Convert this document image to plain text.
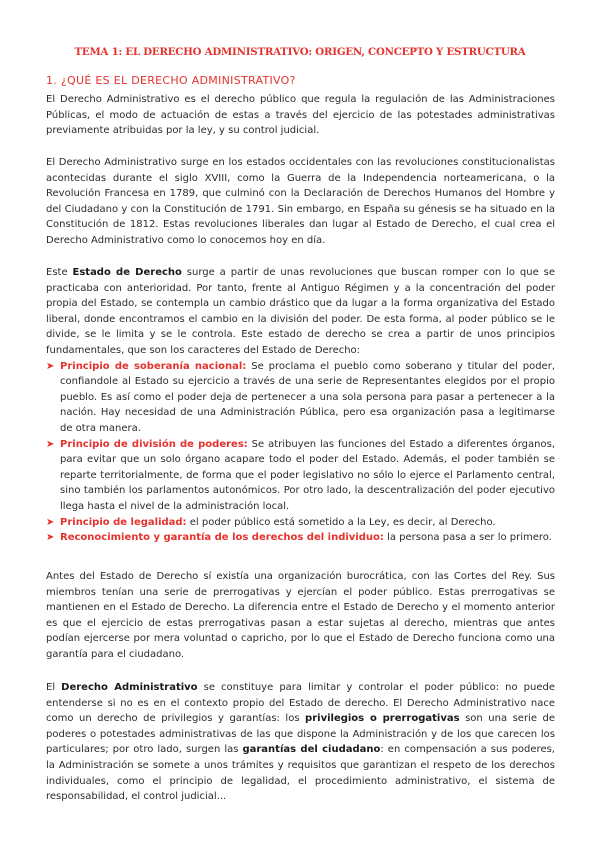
TEMA 1: EL DERECHO ADMINISTRATIVO: ORIGEN, CONCEPTO Y ESTRUCTURA
1. ¿QUÉ ES EL DERECHO ADMINISTRATIVO?

El Derecho Administrativo es el derecho público que regula la regulación de las Administraciones Públicas, el modo de actuación de estas a través del ejercicio de las potestades administrativas previamente atribuidas por la ley, y su control judicial.

El Derecho Administrativo surge en los estados occidentales con las revoluciones constitucionalistas acontecidas durante el siglo XVIII, como la Guerra de la Independencia norteamericana, o la Revolución Francesa en 1789, que culminó con la Declaración de Derechos Humanos del Hombre y del Ciudadano y con la Constitución de 1791. Sin embargo, en España su génesis se ha situado en la Constitución de 1812. Estas revoluciones liberales dan lugar al Estado de Derecho, el cual crea el Derecho Administrativo como lo conocemos hoy en día.

Este Estado de Derecho surge a partir de unas revoluciones que buscan romper con lo que se practicaba con anterioridad. Por tanto, frente al Antiguo Régimen y a la concentración del poder propia del Estado, se contempla un cambio drástico que da lugar a la forma organizativa del Estado liberal, donde encontramos el cambio en la división del poder. De esta forma, al poder público se le divide, se le limita y se le controla. Este estado de derecho se crea a partir de unos principios fundamentales, que son los caracteres del Estado de Derecho:

➤ Principio de soberanía nacional: Se proclama el pueblo como soberano y titular del poder, confiandole al Estado su ejercicio a través de una serie de Representantes elegidos por el propio pueblo. Es así como el poder deja de pertenecer a una sola persona para pasar a pertenecer a la nación. Hay necesidad de una Administración Pública, pero esa organización pasa a legitimarse de otra manera.
➤ Principio de división de poderes: Se atribuyen las funciones del Estado a diferentes órganos, para evitar que un solo órgano acapare todo el poder del Estado. Además, el poder también se reparte territorialmente, de forma que el poder legislativo no sólo lo ejerce el Parlamento central, sino también los parlamentos autonómicos. Por otro lado, la descentralización del poder ejecutivo llega hasta el nivel de la administración local.
➤ Principio de legalidad: el poder público está sometido a la Ley, es decir, al Derecho.
➤ Reconocimiento y garantía de los derechos del individuo: la persona pasa a ser lo primero.

Antes del Estado de Derecho sí existía una organización burocrática, con las Cortes del Rey. Sus miembros tenían una serie de prerrogativas y ejercían el poder público. Estas prerrogativas se mantienen en el Estado de Derecho. La diferencia entre el Estado de Derecho y el momento anterior es que el ejercicio de estas prerrogativas pasan a estar sujetas al derecho, mientras que antes podían ejercerse por mera voluntad o capricho, por lo que el Estado de Derecho funciona como una garantía para el ciudadano.

El Derecho Administrativo se constituye para limitar y controlar el poder público: no puede entenderse si no es en el contexto propio del Estado de derecho. El Derecho Administrativo nace como un derecho de privilegios y garantías: los privilegios o prerrogativas son una serie de poderes o potestades administrativas de las que dispone la Administración y de los que carecen los particulares; por otro lado, surgen las garantías del ciudadano: en compensación a sus poderes, la Administración se somete a unos trámites y requisitos que garantizan el respeto de los derechos individuales, como el principio de legalidad, el procedimiento administrativo, el sistema de responsabilidad, el control judicial...
